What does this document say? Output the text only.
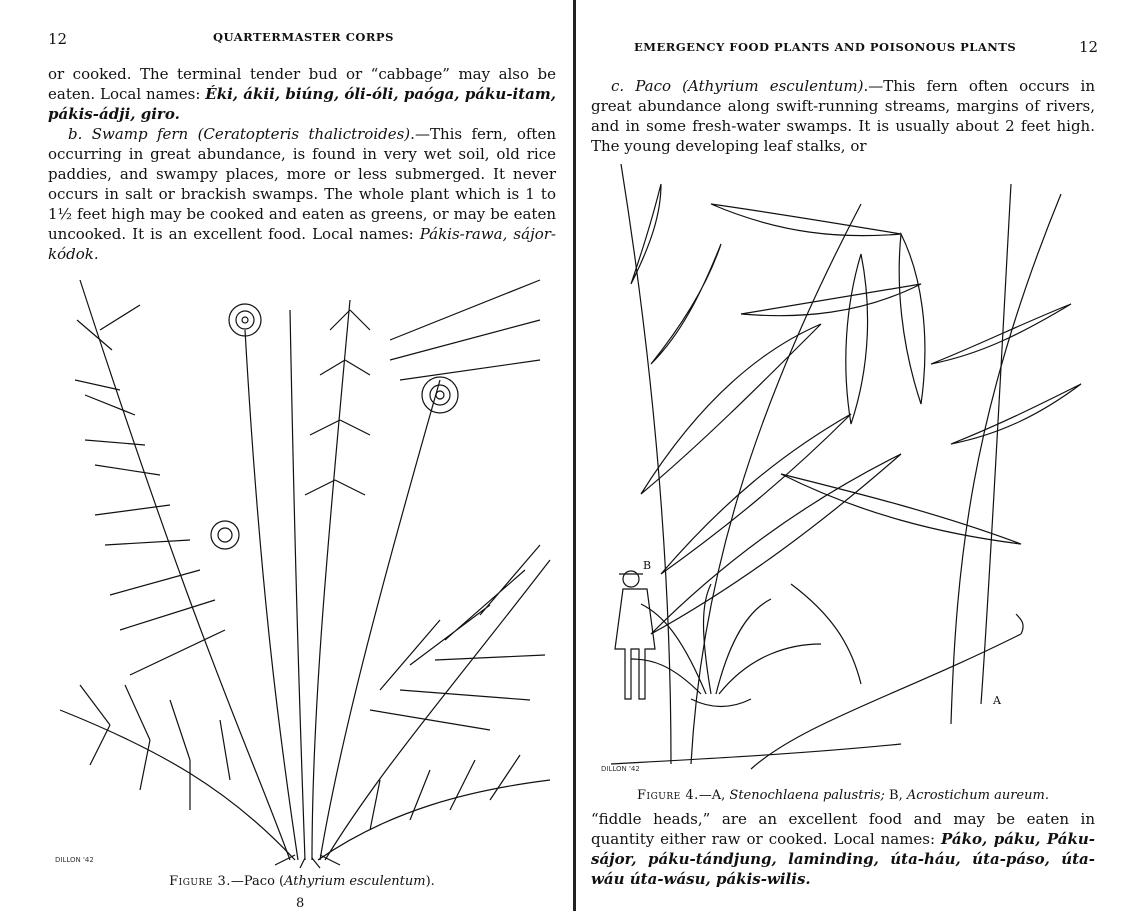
12	QUARTERMASTER CORPS

or cooked. The terminal tender bud or “cabbage” may also be eaten. Local names: Éki, ákii, biúng, óli-óli, paóga, páku-itam, pákis-ádji, giro.

b. Swamp fern (Ceratopteris thalictroides).—This fern, often occurring in great abundance, is found in very wet soil, old rice paddies, and swampy places, more or less submerged. It never occurs in salt or brackish swamps. The whole plant which is 1 to 1½ feet high may be cooked and eaten as greens, or may be eaten uncooked. It is an excellent food. Local names: Pákis-rawa, sájor-kódok.

DILLON '42
Figure 3.—Paco (Athyrium esculentum).
8
EMERGENCY FOOD PLANTS AND POISONOUS PLANTS	12

c. Paco (Athyrium esculentum).—This fern often occurs in great abundance along swift-running streams, margins of rivers, and in some fresh-water swamps. It is usually about 2 feet high. The young developing leaf stalks, or

B
A
DILLON '42
Figure 4.—A, Stenochlaena palustris; B, Acrostichum aureum.

“fiddle heads,” are an excellent food and may be eaten in quantity either raw or cooked. Local names: Páko, páku, Páku-sájor, páku-tándjung, laminding, úta-háu, úta-páso, úta-wáu úta-wásu, pákis-wilis.
